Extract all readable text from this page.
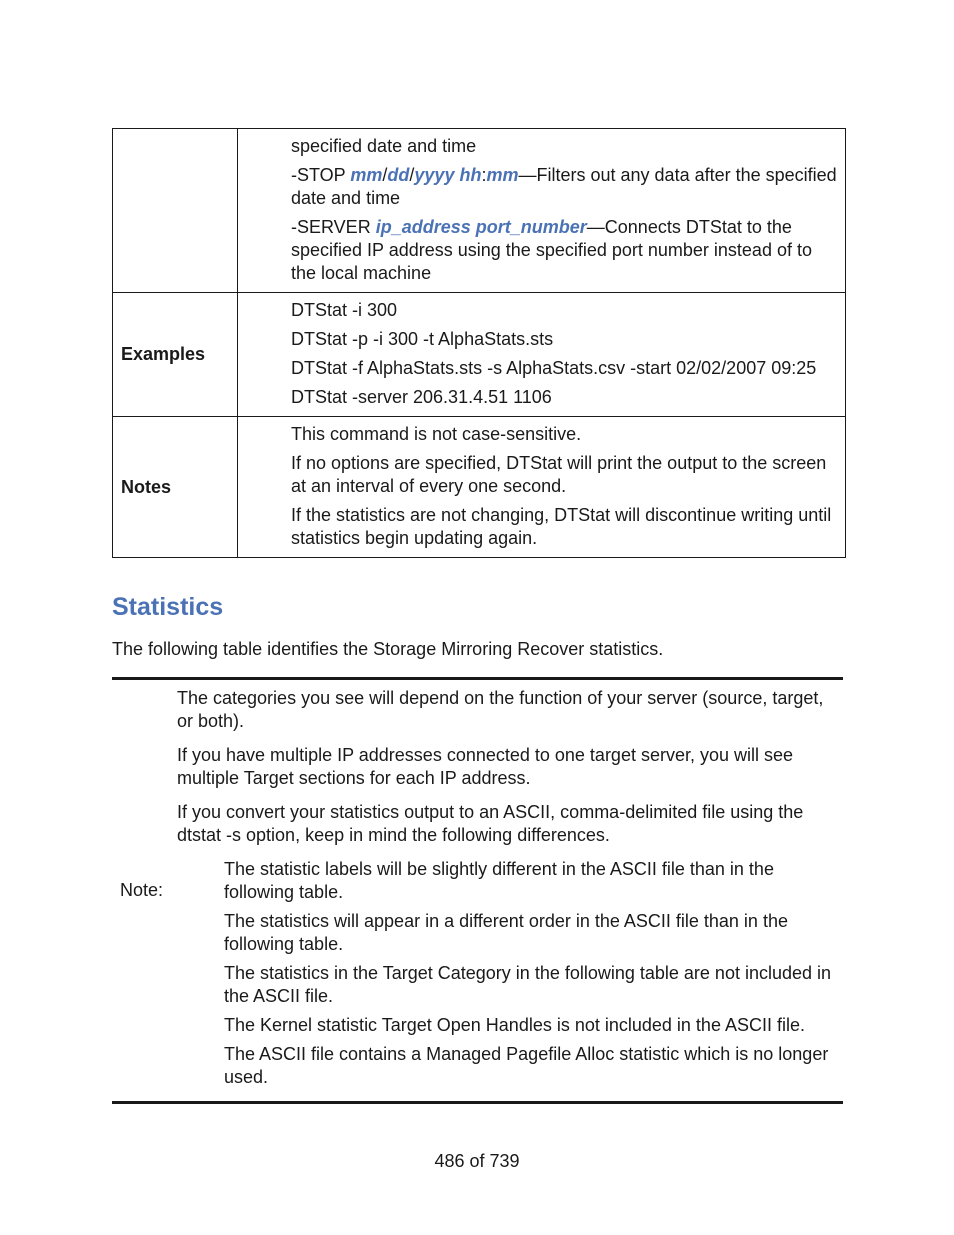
	specified date and time

-STOP mm/dd/yyyy hh:mm—Filters out any data after the specified date and time

-SERVER ip_address port_number—Connects DTStat to the specified IP address using the specified port number instead of to the local machine

Examples	DTStat -i 300

DTStat -p -i 300 -t AlphaStats.sts

DTStat -f AlphaStats.sts -s AlphaStats.csv -start 02/02/2007 09:25

DTStat -server 206.31.4.51 1106

Notes	This command is not case-sensitive.

If no options are specified, DTStat will print the output to the screen at an interval of every one second.

If the statistics are not changing, DTStat will discontinue writing until statistics begin updating again.

Statistics

The following table identifies the Storage Mirroring Recover statistics.

Note:

The categories you see will depend on the function of your server (source, target, or both).

If you have multiple IP addresses connected to one target server, you will see multiple Target sections for each IP address.

If you convert your statistics output to an ASCII, comma-delimited file using the dtstat -s option, keep in mind the following differences.

The statistic labels will be slightly different in the ASCII file than in the following table.
The statistics will appear in a different order in the ASCII file than in the following table.
The statistics in the Target Category in the following table are not included in the ASCII file.
The Kernel statistic Target Open Handles is not included in the ASCII file.
The ASCII file contains a Managed Pagefile Alloc statistic which is no longer used.
486 of 739
